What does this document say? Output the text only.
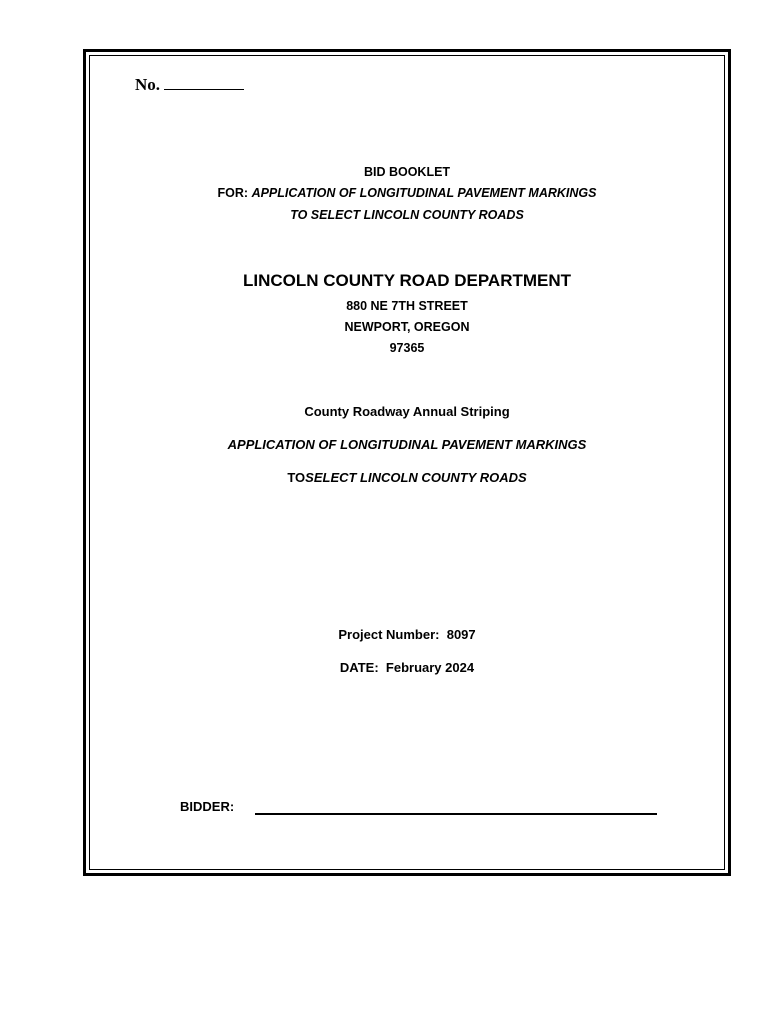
No.
BID BOOKLET
FOR: APPLICATION OF LONGITUDINAL PAVEMENT MARKINGS
TO SELECT LINCOLN COUNTY ROADS
LINCOLN COUNTY ROAD DEPARTMENT
880 NE 7TH STREET
NEWPORT, OREGON
97365
County Roadway Annual Striping
APPLICATION OF LONGITUDINAL PAVEMENT MARKINGS
TOSELECT LINCOLN COUNTY ROADS
Project Number: 8097
DATE: February 2024
BIDDER:
